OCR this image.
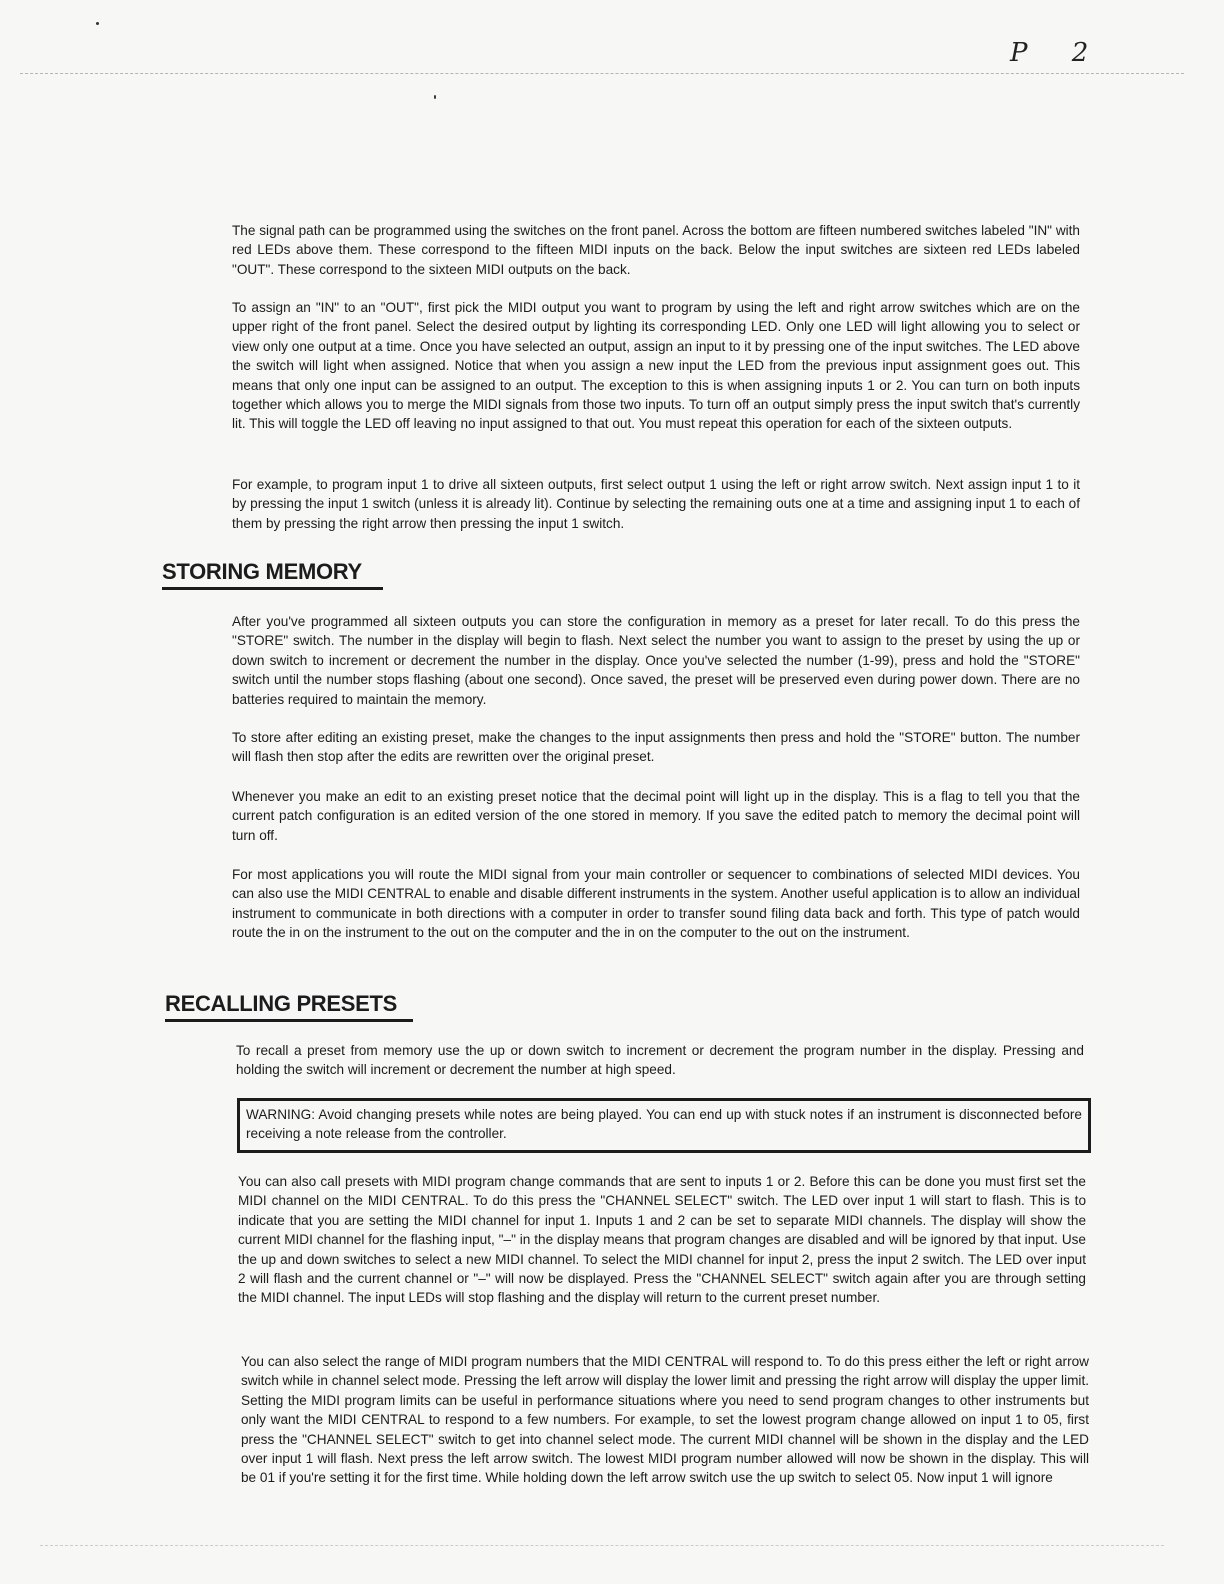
P 2

The signal path can be programmed using the switches on the front panel. Across the bottom are fifteen numbered switches labeled "IN" with red LEDs above them. These correspond to the fifteen MIDI inputs on the back. Below the input switches are sixteen red LEDs labeled "OUT". These correspond to the sixteen MIDI outputs on the back.

To assign an "IN" to an "OUT", first pick the MIDI output you want to program by using the left and right arrow switches which are on the upper right of the front panel. Select the desired output by lighting its corresponding LED. Only one LED will light allowing you to select or view only one output at a time. Once you have selected an output, assign an input to it by pressing one of the input switches. The LED above the switch will light when assigned. Notice that when you assign a new input the LED from the previous input assignment goes out. This means that only one input can be assigned to an output. The exception to this is when assigning inputs 1 or 2. You can turn on both inputs together which allows you to merge the MIDI signals from those two inputs. To turn off an output simply press the input switch that's currently lit. This will toggle the LED off leaving no input assigned to that out. You must repeat this operation for each of the sixteen outputs.

For example, to program input 1 to drive all sixteen outputs, first select output 1 using the left or right arrow switch. Next assign input 1 to it by pressing the input 1 switch (unless it is already lit). Continue by selecting the remaining outs one at a time and assigning input 1 to each of them by pressing the right arrow then pressing the input 1 switch.

STORING MEMORY

After you've programmed all sixteen outputs you can store the configuration in memory as a preset for later recall. To do this press the "STORE" switch. The number in the display will begin to flash. Next select the number you want to assign to the preset by using the up or down switch to increment or decrement the number in the display. Once you've selected the number (1-99), press and hold the "STORE" switch until the number stops flashing (about one second). Once saved, the preset will be preserved even during power down. There are no batteries required to maintain the memory.

To store after editing an existing preset, make the changes to the input assignments then press and hold the "STORE" button. The number will flash then stop after the edits are rewritten over the original preset.

Whenever you make an edit to an existing preset notice that the decimal point will light up in the display. This is a flag to tell you that the current patch configuration is an edited version of the one stored in memory. If you save the edited patch to memory the decimal point will turn off.

For most applications you will route the MIDI signal from your main controller or sequencer to combinations of selected MIDI devices. You can also use the MIDI CENTRAL to enable and disable different instruments in the system. Another useful application is to allow an individual instrument to communicate in both directions with a computer in order to transfer sound filing data back and forth. This type of patch would route the in on the instrument to the out on the computer and the in on the computer to the out on the instrument.

RECALLING PRESETS

To recall a preset from memory use the up or down switch to increment or decrement the program number in the display. Pressing and holding the switch will increment or decrement the number at high speed.

WARNING: Avoid changing presets while notes are being played. You can end up with stuck notes if an instrument is disconnected before receiving a note release from the controller.

You can also call presets with MIDI program change commands that are sent to inputs 1 or 2. Before this can be done you must first set the MIDI channel on the MIDI CENTRAL. To do this press the "CHANNEL SELECT" switch. The LED over input 1 will start to flash. This is to indicate that you are setting the MIDI channel for input 1. Inputs 1 and 2 can be set to separate MIDI channels. The display will show the current MIDI channel for the flashing input, "–" in the display means that program changes are disabled and will be ignored by that input. Use the up and down switches to select a new MIDI channel. To select the MIDI channel for input 2, press the input 2 switch. The LED over input 2 will flash and the current channel or "–" will now be displayed. Press the "CHANNEL SELECT" switch again after you are through setting the MIDI channel. The input LEDs will stop flashing and the display will return to the current preset number.

You can also select the range of MIDI program numbers that the MIDI CENTRAL will respond to. To do this press either the left or right arrow switch while in channel select mode. Pressing the left arrow will display the lower limit and pressing the right arrow will display the upper limit. Setting the MIDI program limits can be useful in performance situations where you need to send program changes to other instruments but only want the MIDI CENTRAL to respond to a few numbers. For example, to set the lowest program change allowed on input 1 to 05, first press the "CHANNEL SELECT" switch to get into channel select mode. The current MIDI channel will be shown in the display and the LED over input 1 will flash. Next press the left arrow switch. The lowest MIDI program number allowed will now be shown in the display. This will be 01 if you're setting it for the first time. While holding down the left arrow switch use the up switch to select 05. Now input 1 will ignore
